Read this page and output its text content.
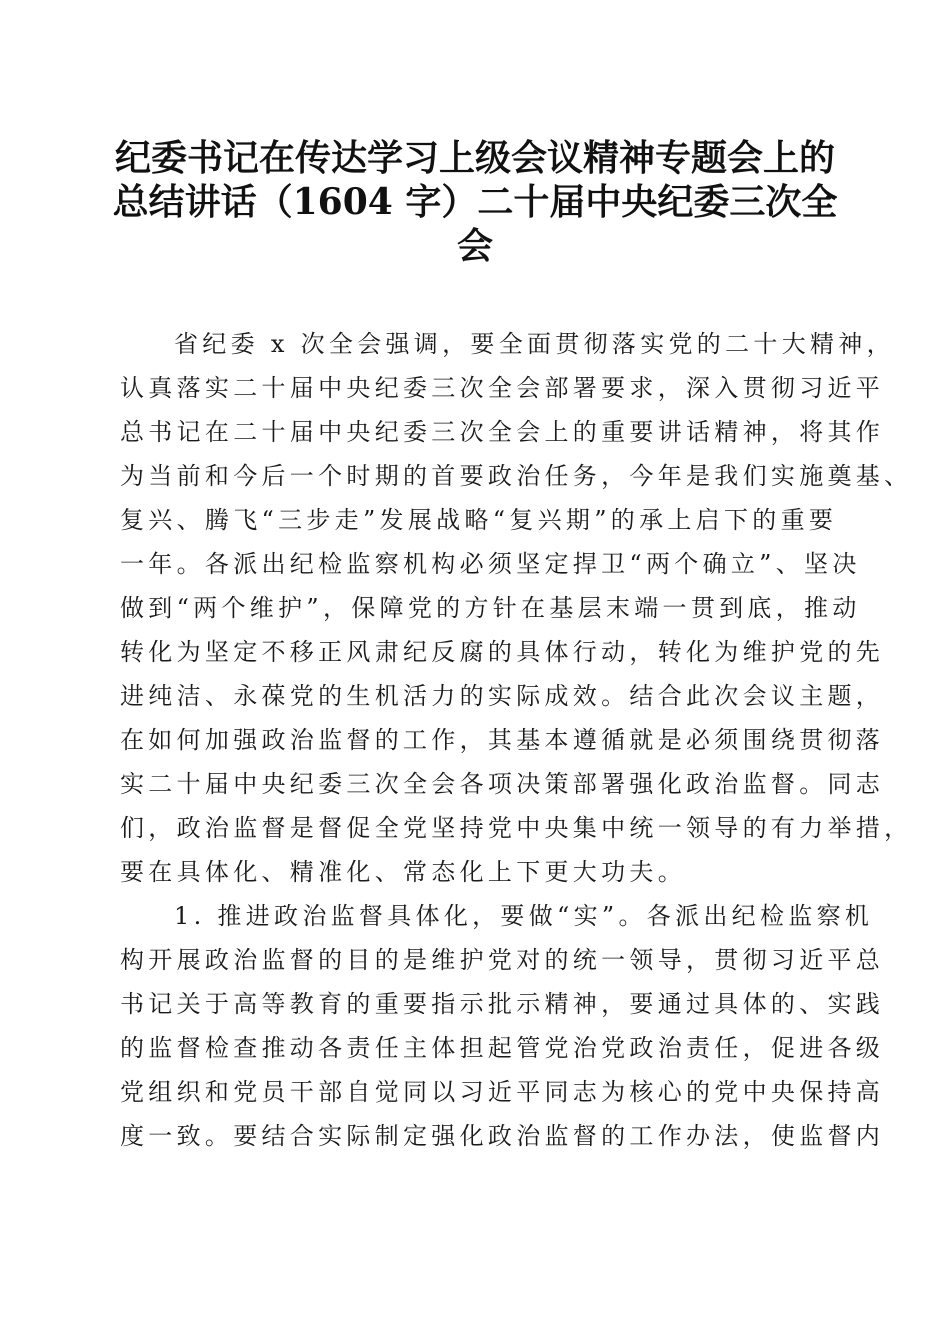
纪委书记在传达学习上级会议精神专题会上的
总结讲话（1604 字）二十届中央纪委三次全
会
省纪委 x 次全会强调，要全面贯彻落实党的二十大精神，
认真落实二十届中央纪委三次全会部署要求，深入贯彻习近平
总书记在二十届中央纪委三次全会上的重要讲话精神，将其作
为当前和今后一个时期的首要政治任务，今年是我们实施奠基、
复兴、腾飞“三步走”发展战略“复兴期”的承上启下的重要
一年。各派出纪检监察机构必须坚定捍卫“两个确立”、坚决
做到“两个维护”，保障党的方针在基层末端一贯到底，推动
转化为坚定不移正风肃纪反腐的具体行动，转化为维护党的先
进纯洁、永葆党的生机活力的实际成效。结合此次会议主题，
在如何加强政治监督的工作，其基本遵循就是必须围绕贯彻落
实二十届中央纪委三次全会各项决策部署强化政治监督。同志
们，政治监督是督促全党坚持党中央集中统一领导的有力举措，
要在具体化、精准化、常态化上下更大功夫。
1. 推进政治监督具体化，要做“实”。各派出纪检监察机
构开展政治监督的目的是维护党对的统一领导，贯彻习近平总
书记关于高等教育的重要指示批示精神，要通过具体的、实践
的监督检查推动各责任主体担起管党治党政治责任，促进各级
党组织和党员干部自觉同以习近平同志为核心的党中央保持高
度一致。要结合实际制定强化政治监督的工作办法，使监督内
